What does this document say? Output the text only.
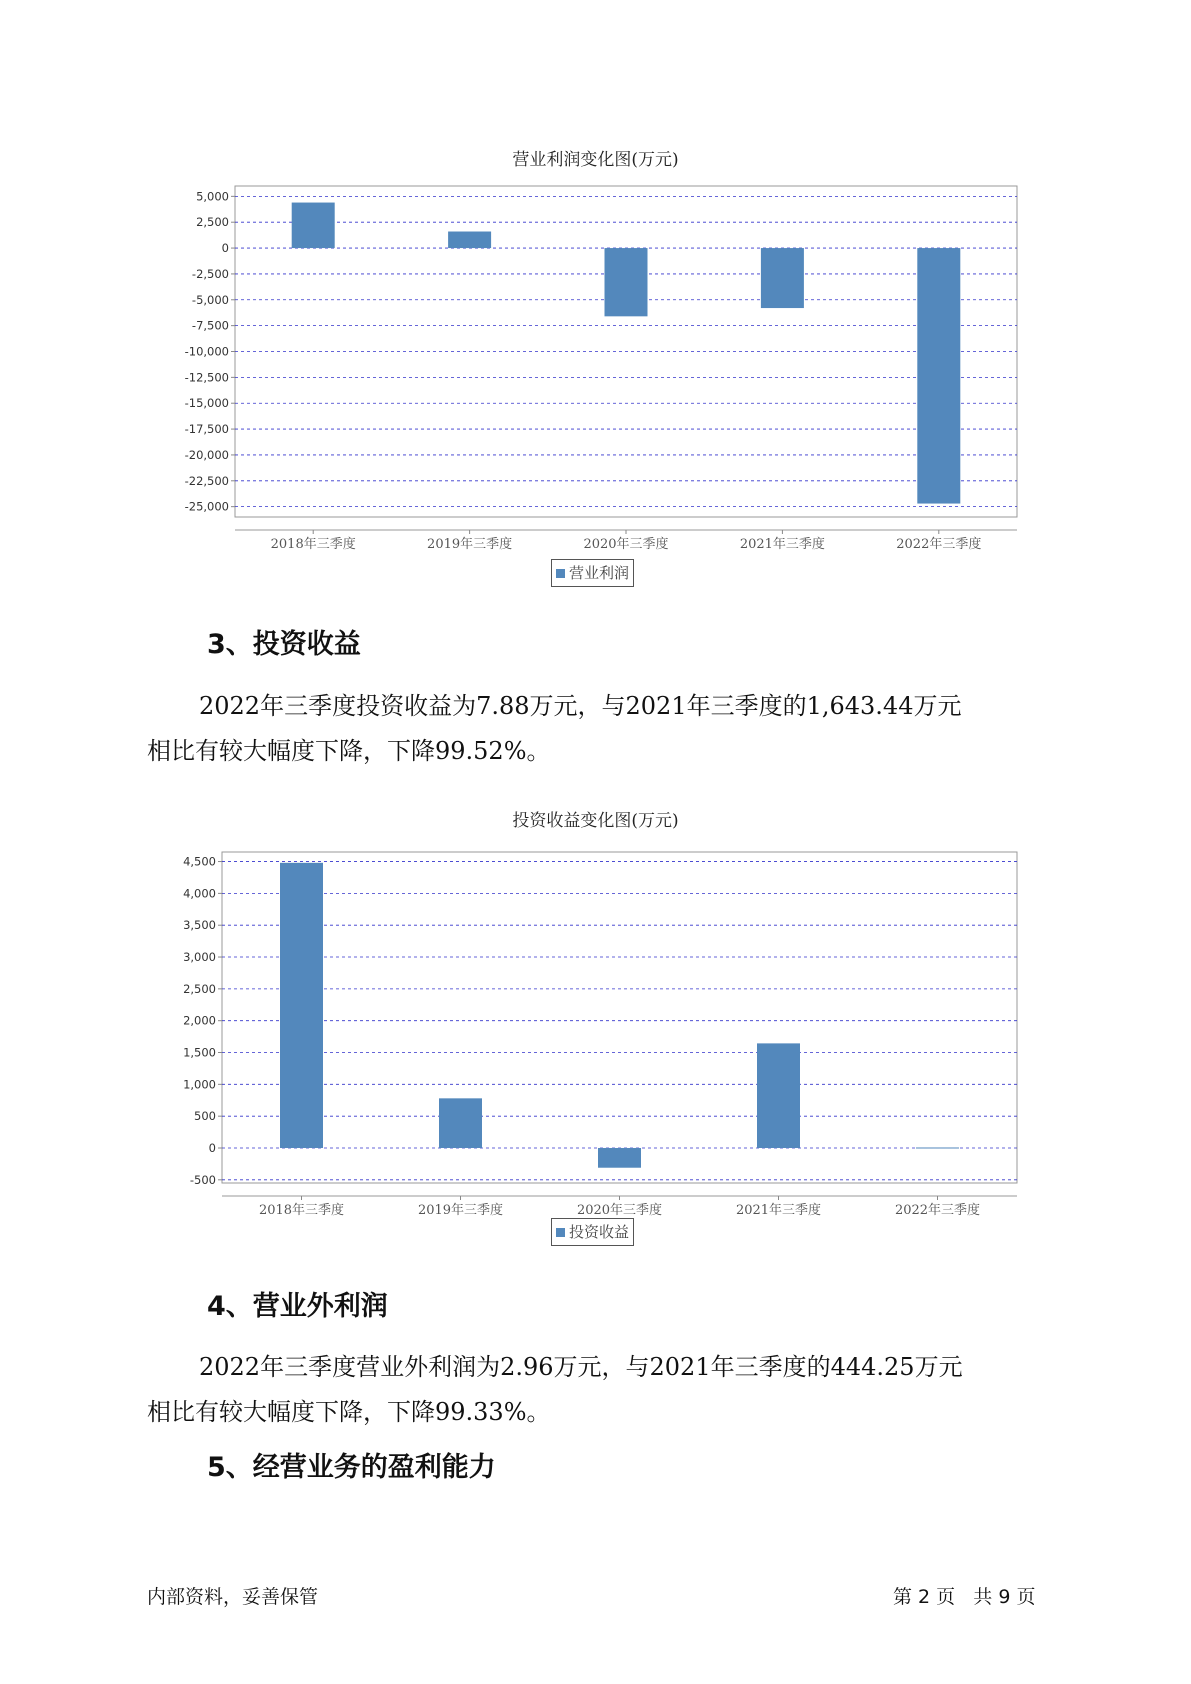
营业利润变化图(万元)
5,000
2,500
0
-2,500
-5,000
-7,500
-10,000
-12,500
-15,000
-17,500
-20,000
-22,500
-25,000
2018年三季度	2019年三季度	2020年三季度	2021年三季度	2022年三季度
营业利润
3、投资收益
2022年三季度投资收益为7.88万元，与2021年三季度的1,643.44万元
相比有较大幅度下降，下降99.52%。
投资收益变化图(万元)
4,500
4,000
3,500
3,000
2,500
2,000
1,500
1,000
500
0
-500
2018年三季度	2019年三季度	2020年三季度	2021年三季度	2022年三季度
投资收益
4、营业外利润
2022年三季度营业外利润为2.96万元，与2021年三季度的444.25万元
相比有较大幅度下降，下降99.33%。
5、经营业务的盈利能力
内部资料，妥善保管	第 2 页   共 9 页
